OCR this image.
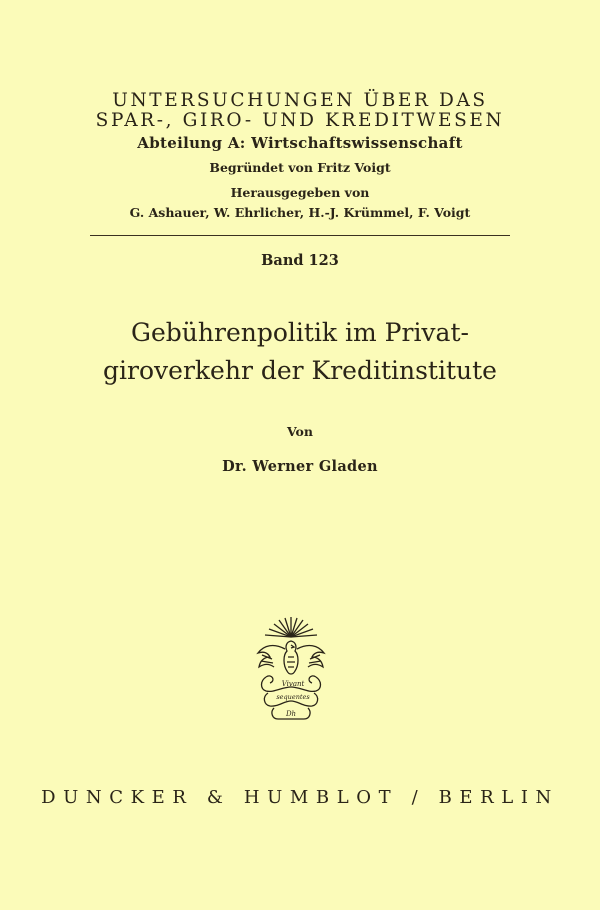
UNTERSUCHUNGEN ÜBER DAS
SPAR-, GIRO- UND KREDITWESEN
Abteilung A: Wirtschaftswissenschaft
Begründet von Fritz Voigt
Herausgegeben von
G. Ashauer, W. Ehrlicher, H.-J. Krümmel, F. Voigt
Band 123
Gebührenpolitik im Privat-
giroverkehr der Kreditinstitute
Von
Dr. Werner Gladen
Vivant
sequentes
Dh
DUNCKER & HUMBLOT / BERLIN
